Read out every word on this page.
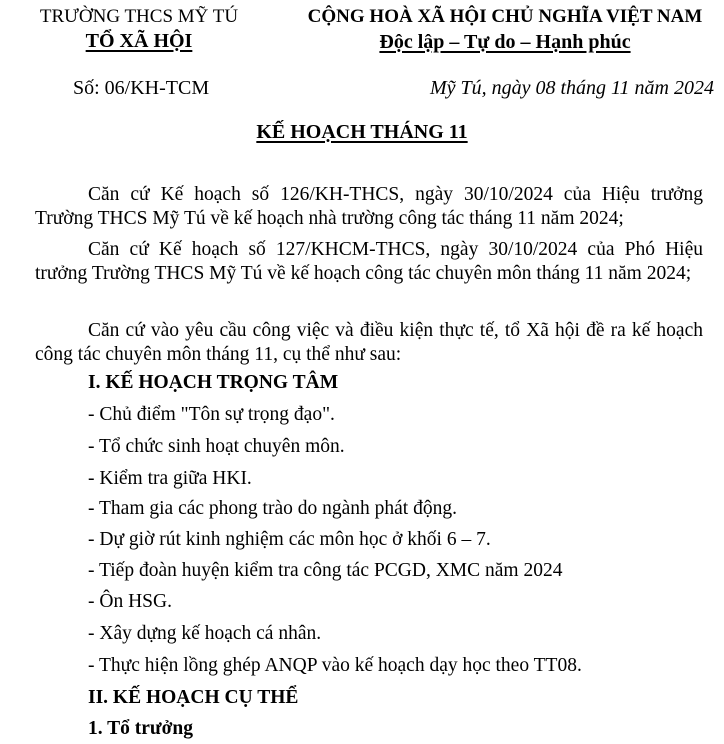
TRƯỜNG THCS MỸ TÚ
TỔ XÃ HỘI
CỘNG HOÀ XÃ HỘI CHỦ NGHĨA VIỆT NAM
Độc lập – Tự do – Hạnh phúc
Số: 06/KH-TCM	Mỹ Tú, ngày 08 tháng 11 năm 2024
KẾ HOẠCH THÁNG 11
Căn cứ Kế hoạch số 126/KH-THCS, ngày 30/10/2024 của Hiệu trưởng Trường THCS Mỹ Tú về kế hoạch nhà trường công tác tháng 11 năm 2024;
Căn cứ Kế hoạch số 127/KHCM-THCS, ngày 30/10/2024 của Phó Hiệu trưởng Trường THCS Mỹ Tú về kế hoạch công tác chuyên môn tháng 11 năm 2024;
Căn cứ vào yêu cầu công việc và điều kiện thực tế, tổ Xã hội đề ra kế hoạch công tác chuyên môn tháng 11, cụ thể như sau:
I. KẾ HOẠCH TRỌNG TÂM
- Chủ điểm "Tôn sự trọng đạo".
- Tổ chức sinh hoạt chuyên môn.
- Kiểm tra giữa HKI.
- Tham gia các phong trào do ngành phát động.
- Dự giờ rút kinh nghiệm các môn học ở khối 6 – 7.
- Tiếp đoàn huyện kiểm tra công tác PCGD, XMC năm 2024
- Ôn HSG.
- Xây dựng kế hoạch cá nhân.
- Thực hiện lồng ghép ANQP vào kế hoạch dạy học theo TT08.
II. KẾ HOẠCH CỤ THỂ
1. Tổ trưởng
